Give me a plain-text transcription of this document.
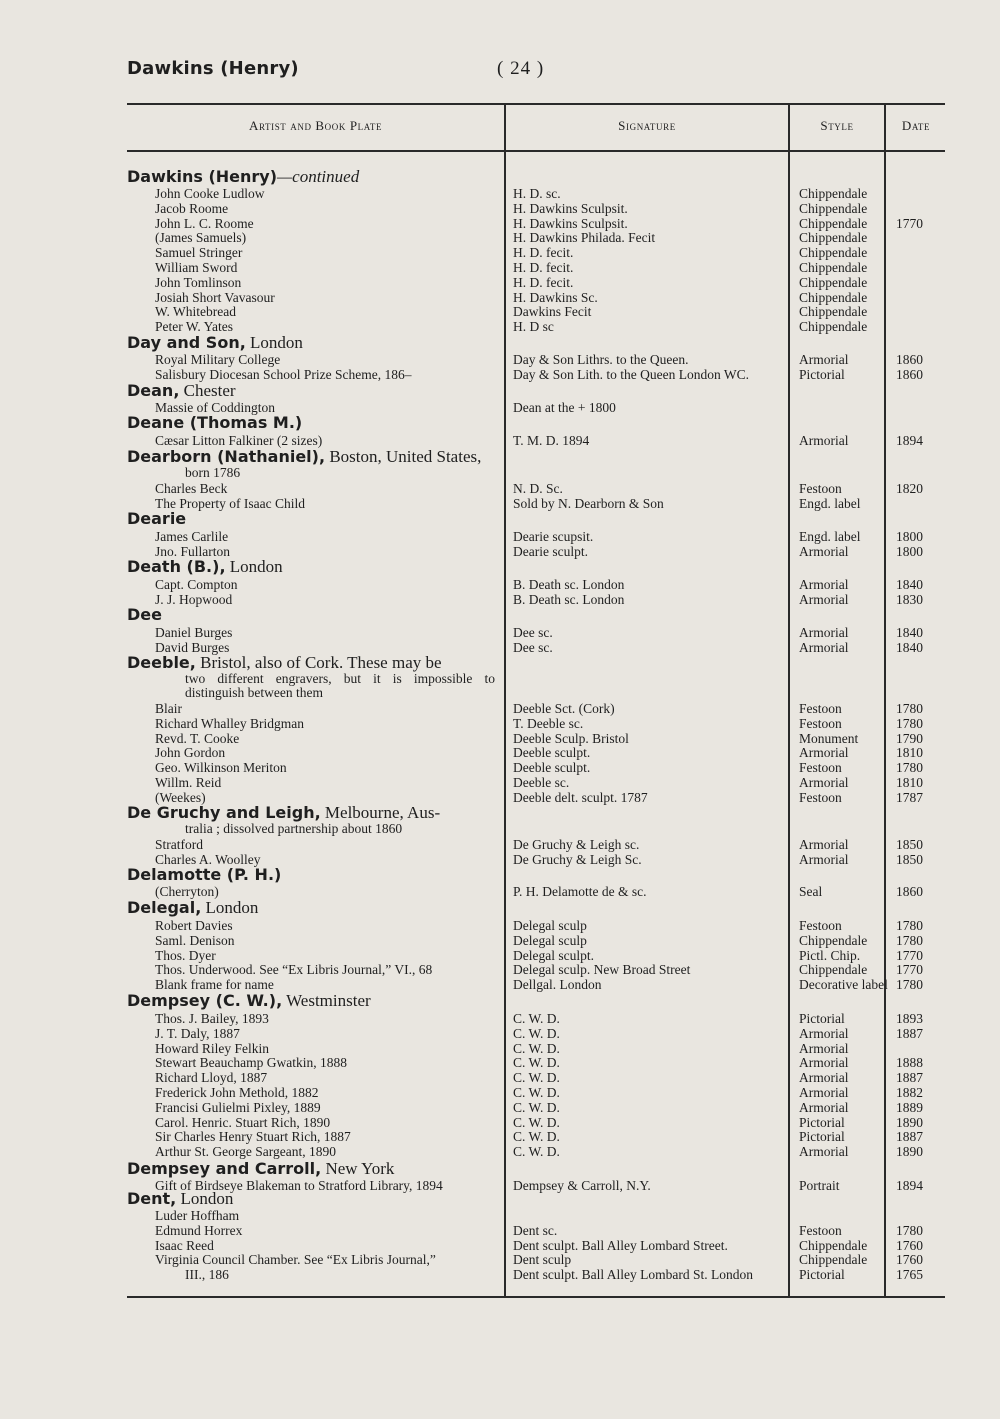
Dawkins (Henry)	( 24 )
Artist and Book Plate	Signature	Style	Date
Dawkins (Henry)—continued
John Cooke Ludlow	H. D. sc.	Chippendale
Jacob Roome	H. Dawkins Sculpsit.	Chippendale
John L. C. Roome	H. Dawkins Sculpsit.	Chippendale 1770
(James Samuels)	H. Dawkins Philada. Fecit	Chippendale
Samuel Stringer	H. D. fecit.	Chippendale
William Sword	H. D. fecit.	Chippendale
John Tomlinson	H. D. fecit.	Chippendale
Josiah Short Vavasour	H. Dawkins Sc.	Chippendale
W. Whitebread	Dawkins Fecit	Chippendale
Peter W. Yates	H. D sc	Chippendale
Day and Son, London
Royal Military College	Day & Son Lithrs. to the Queen.	Armorial	1860
Salisbury Diocesan School Prize Scheme, 186–	Day & Son Lith. to the Queen London WC.	Pictorial	1860
Dean, Chester
Massie of Coddington	Dean at the + 1800
Deane (Thomas M.)
Cæsar Litton Falkiner (2 sizes)	T. M. D. 1894	Armorial	1894
Dearborn (Nathaniel), Boston, United States,
born 1786
Charles Beck	N. D. Sc.	Festoon	1820
The Property of Isaac Child	Sold by N. Dearborn & Son	Engd. label
Dearie
James Carlile	Dearie scupsit.	Engd. label	1800
Jno. Fullarton	Dearie sculpt.	Armorial	1800
Death (B.), London
Capt. Compton	B. Death sc. London	Armorial	1840
J. J. Hopwood	B. Death sc. London	Armorial	1830
Dee
Daniel Burges	Dee sc.	Armorial	1840
David Burges	Dee sc.	Armorial	1840
Deeble, Bristol, also of Cork. These may be
two different engravers, but it is impossible to distinguish between them
Blair	Deeble Sct. (Cork)	Festoon	1780
Richard Whalley Bridgman	T. Deeble sc.	Festoon	1780
Revd. T. Cooke	Deeble Sculp. Bristol	Monument	1790
John Gordon	Deeble sculpt.	Armorial	1810
Geo. Wilkinson Meriton	Deeble sculpt.	Festoon	1780
Willm. Reid	Deeble sc.	Armorial	1810
(Weekes)	Deeble delt. sculpt. 1787	Festoon	1787
De Gruchy and Leigh, Melbourne, Aus-
tralia ; dissolved partnership about 1860
Stratford	De Gruchy & Leigh sc.	Armorial	1850
Charles A. Woolley	De Gruchy & Leigh Sc.	Armorial	1850
Delamotte (P. H.)
(Cherryton)	P. H. Delamotte de & sc.	Seal	1860
Delegal, London
Robert Davies	Delegal sculp	Festoon	1780
Saml. Denison	Delegal sculp	Chippendale 1780
Thos. Dyer	Delegal sculpt.	Pictl. Chip.	1770
Thos. Underwood. See “Ex Libris Journal,” VI., 68	Delegal sculp. New Broad Street	Chippendale 1770
Blank frame for name	Dellgal. London	Decorative label 1780
Dempsey (C. W.), Westminster
Thos. J. Bailey, 1893	C. W. D.	Pictorial	1893
J. T. Daly, 1887	C. W. D.	Armorial	1887
Howard Riley Felkin	C. W. D.	Armorial
Stewart Beauchamp Gwatkin, 1888	C. W. D.	Armorial	1888
Richard Lloyd, 1887	C. W. D.	Armorial	1887
Frederick John Methold, 1882	C. W. D.	Armorial	1882
Francisi Gulielmi Pixley, 1889	C. W. D.	Armorial	1889
Carol. Henric. Stuart Rich, 1890	C. W. D.	Pictorial	1890
Sir Charles Henry Stuart Rich, 1887	C. W. D.	Pictorial	1887
Arthur St. George Sargeant, 1890	C. W. D.	Armorial	1890
Dempsey and Carroll, New York
Gift of Birdseye Blakeman to Stratford Library, 1894	Dempsey & Carroll, N.Y.	Portrait	1894
Dent, London
Luder Hoffham
Edmund Horrex	Dent sc.	Festoon	1780
Isaac Reed	Dent sculpt. Ball Alley Lombard Street.	Chippendale 1760
Virginia Council Chamber. See “Ex Libris Journal,”	Dent sculp	Chippendale 1760
III., 186	Dent sculpt. Ball Alley Lombard St. London	Pictorial	1765
